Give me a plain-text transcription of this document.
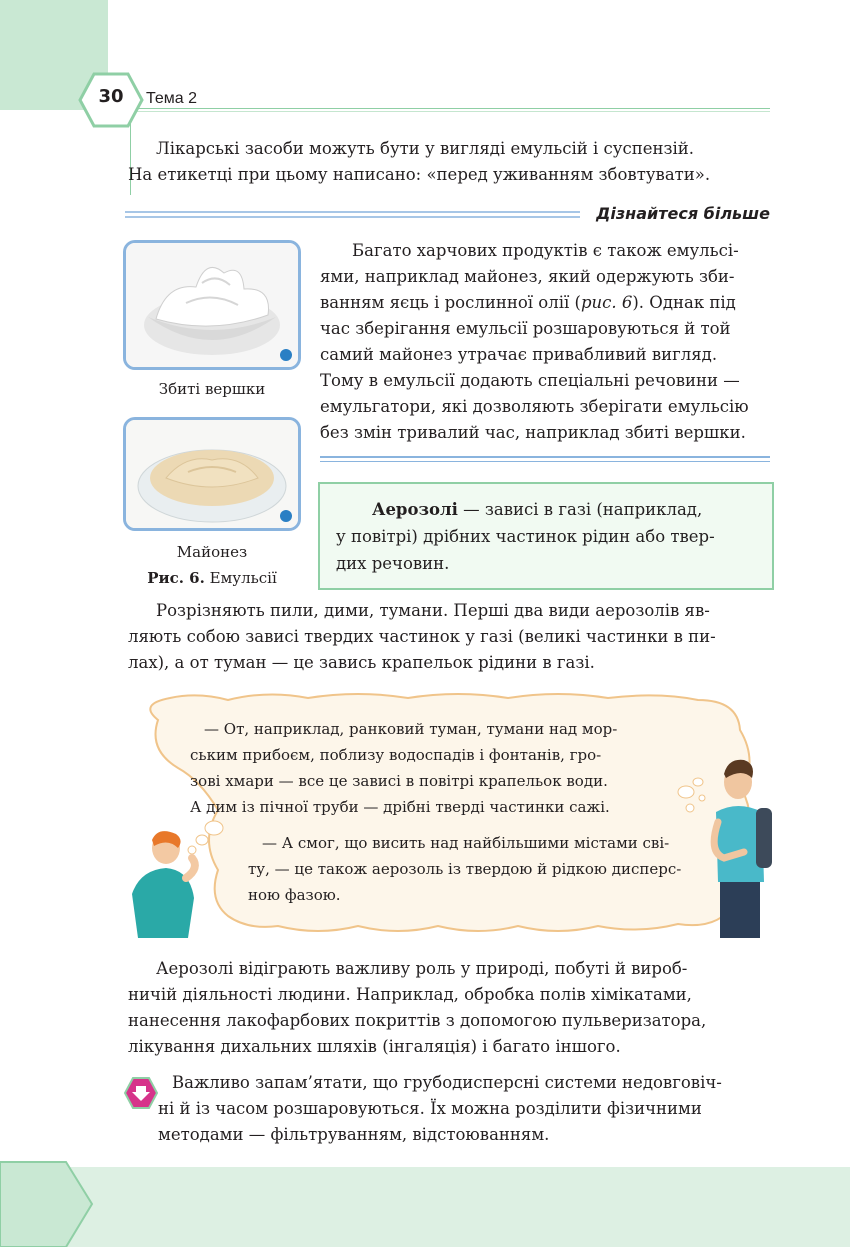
30	Тема 2
Лікарські засоби можуть бути у вигляді емульсій і суспензій.
На етикетці при цьому написано: «перед уживанням збовтувати».
Дізнайтеся більше
Збиті вершки
Майонез
Рис. 6. Емульсії
Багато харчових продуктів є також емульсі-
ями, наприклад майонез, який одержують зби-
ванням яєць і рослинної олії (рис. 6). Однак під
час зберігання емульсії розшаровуються й той
самий майонез утрачає привабливий вигляд.
Тому в емульсії додають спеціальні речовини —
емульгатори, які дозволяють зберігати емульсію
без змін тривалий час, наприклад збиті вершки.
Аерозолі — зависі в газі (наприклад,
у повітрі) дрібних частинок рідин або твер-
дих речовин.
Розрізняють пили, дими, тумани. Перші два види аерозолів яв-
ляють собою зависі твердих частинок у газі (великі частинки в пи-
лах), а от туман — це завись крапельок рідини в газі.
— От, наприклад, ранковий туман, тумани над мор-
ським прибоєм, поблизу водоспадів і фонтанів, гро-
зові хмари — все це зависі в повітрі крапельок води.
А дим із пічної труби — дрібні тверді частинки сажі.
— А смог, що висить над найбільшими містами сві-
ту, — це також аерозоль із твердою й рідкою дисперс-
ною фазою.
Аерозолі відіграють важливу роль у природі, побуті й вироб-
ничій діяльності людини. Наприклад, обробка полів хімікатами,
нанесення лакофарбових покриттів з допомогою пульверизатора,
лікування дихальних шляхів (інгаляція) і багато іншого.
Важливо запам’ятати, що грубодисперсні системи недовговіч-
ні й із часом розшаровуються. Їх можна розділити фізичними
методами — фільтруванням, відстоюванням.
